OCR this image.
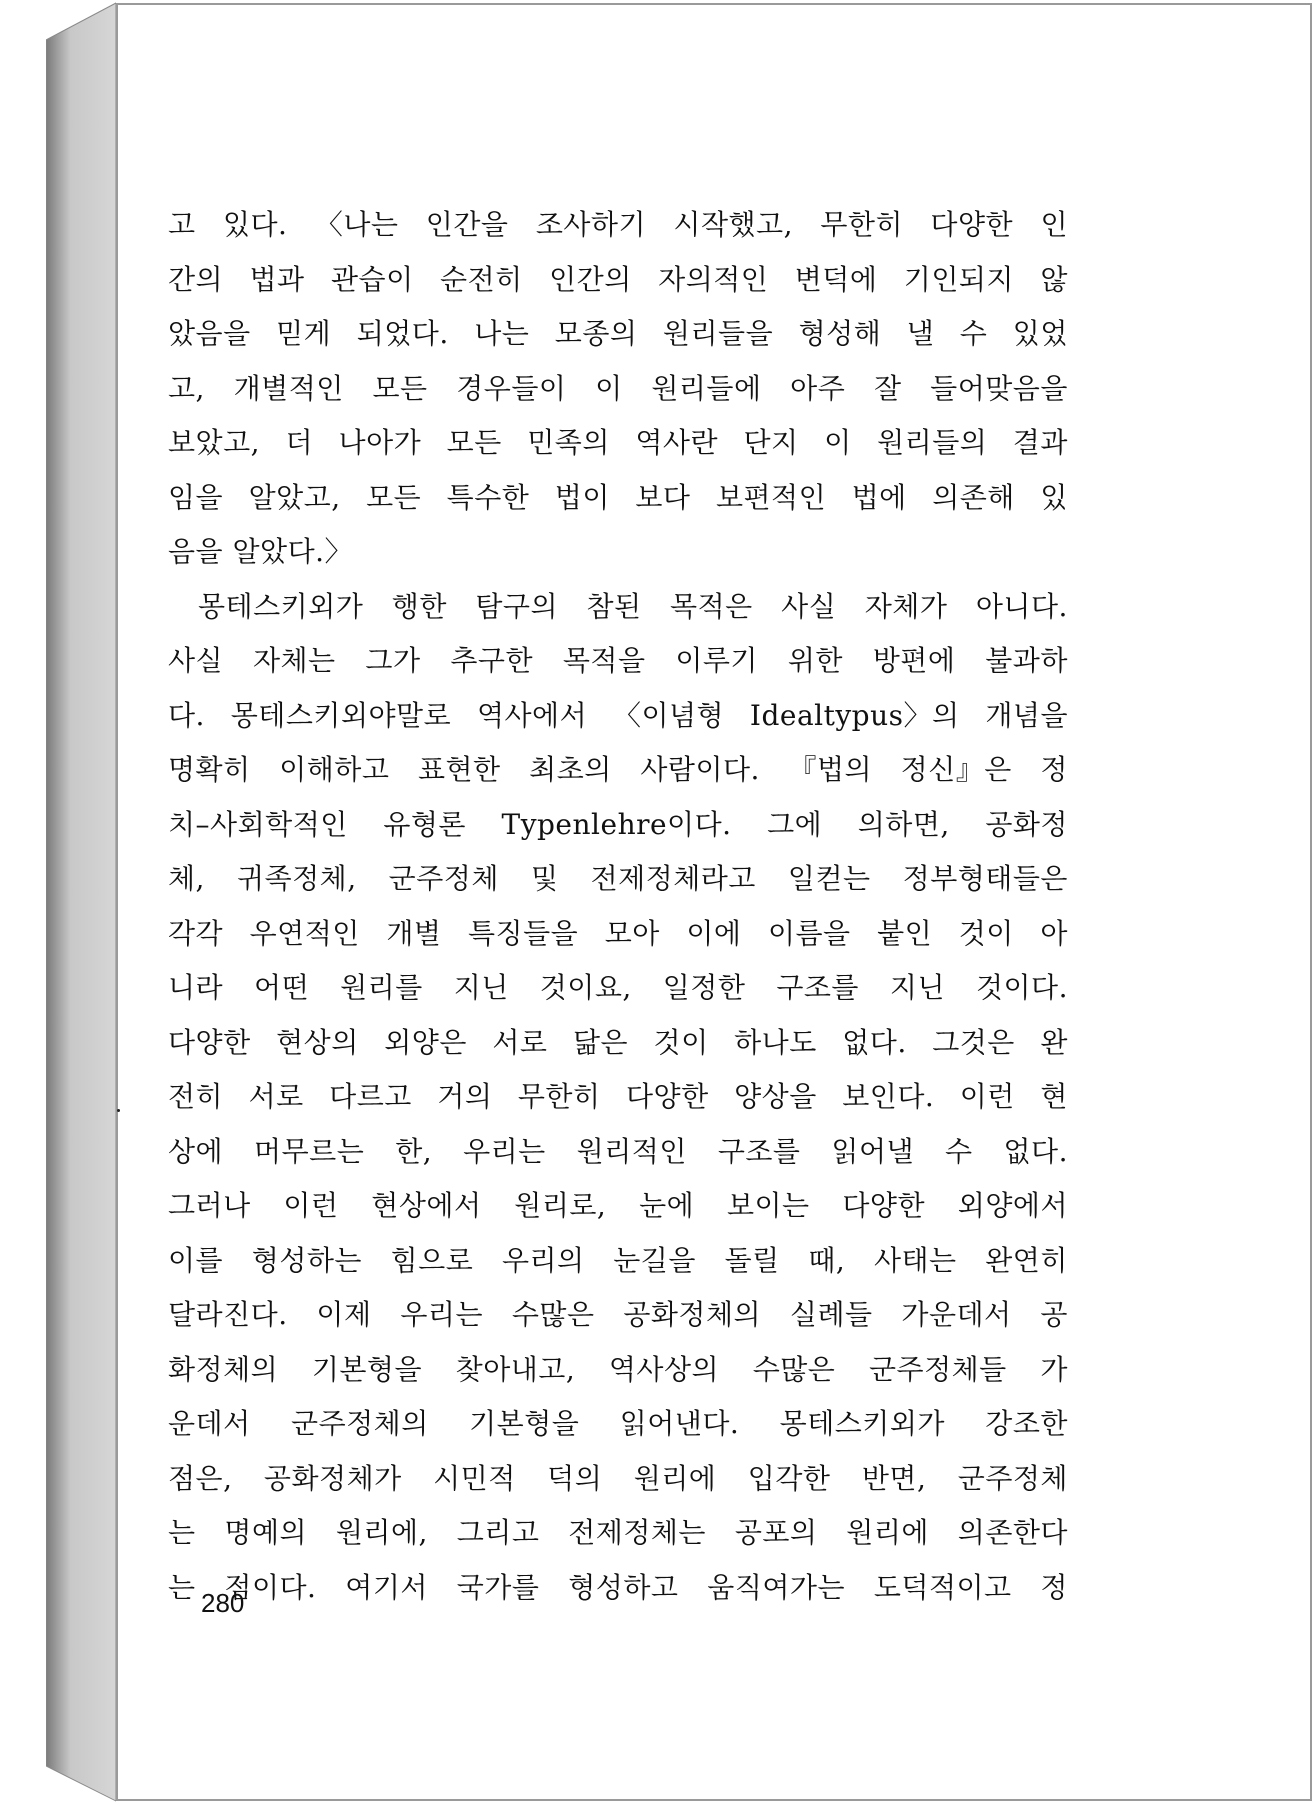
고 있다. 〈나는 인간을 조사하기 시작했고, 무한히 다양한 인
간의 법과 관습이 순전히 인간의 자의적인 변덕에 기인되지 않
았음을 믿게 되었다. 나는 모종의 원리들을 형성해 낼 수 있었
고, 개별적인 모든 경우들이 이 원리들에 아주 잘 들어맞음을
보았고, 더 나아가 모든 민족의 역사란 단지 이 원리들의 결과
임을 알았고, 모든 특수한 법이 보다 보편적인 법에 의존해 있
음을 알았다.〉
몽테스키외가 행한 탐구의 참된 목적은 사실 자체가 아니다.
사실 자체는 그가 추구한 목적을 이루기 위한 방편에 불과하
다. 몽테스키외야말로 역사에서 〈이념형 Idealtypus〉의 개념을
명확히 이해하고 표현한 최초의 사람이다. 『법의 정신』은 정
치–사회학적인 유형론 Typenlehre이다. 그에 의하면, 공화정
체, 귀족정체, 군주정체 및 전제정체라고 일컫는 정부형태들은
각각 우연적인 개별 특징들을 모아 이에 이름을 붙인 것이 아
니라 어떤 원리를 지닌 것이요, 일정한 구조를 지닌 것이다.
다양한 현상의 외양은 서로 닮은 것이 하나도 없다. 그것은 완
전히 서로 다르고 거의 무한히 다양한 양상을 보인다. 이런 현
상에 머무르는 한, 우리는 원리적인 구조를 읽어낼 수 없다.
그러나 이런 현상에서 원리로, 눈에 보이는 다양한 외양에서
이를 형성하는 힘으로 우리의 눈길을 돌릴 때, 사태는 완연히
달라진다. 이제 우리는 수많은 공화정체의 실례들 가운데서 공
화정체의 기본형을 찾아내고, 역사상의 수많은 군주정체들 가
운데서 군주정체의 기본형을 읽어낸다. 몽테스키외가 강조한
점은, 공화정체가 시민적 덕의 원리에 입각한 반면, 군주정체
는 명예의 원리에, 그리고 전제정체는 공포의 원리에 의존한다
는 점이다. 여기서 국가를 형성하고 움직여가는 도덕적이고 정
280
